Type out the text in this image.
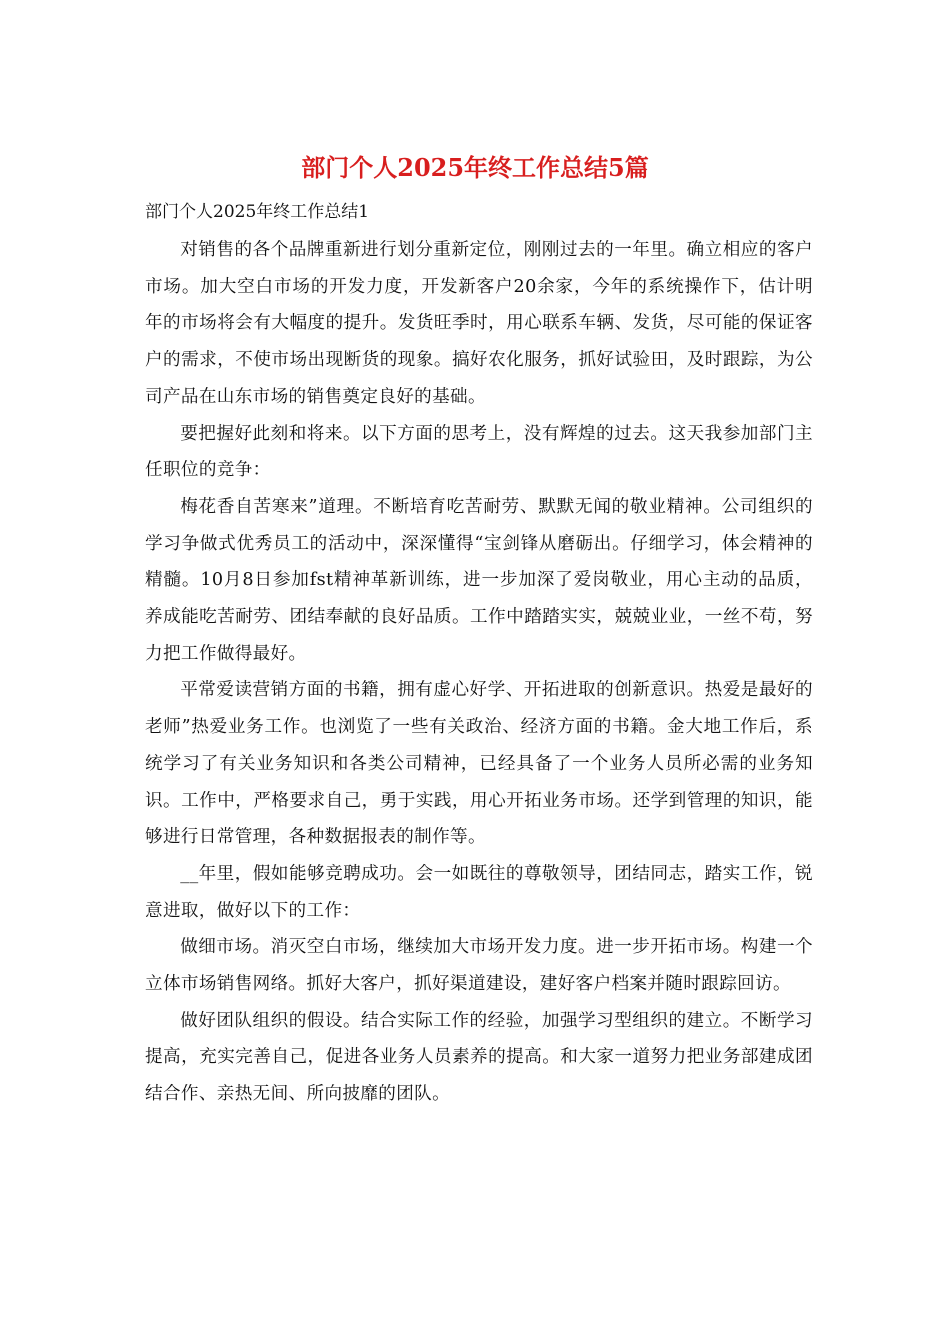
部门个人2025年终工作总结5篇

部门个人2025年终工作总结1

对销售的各个品牌重新进行划分重新定位，刚刚过去的一年里。确立相应的客户市场。加大空白市场的开发力度，开发新客户20余家，今年的系统操作下，估计明年的市场将会有大幅度的提升。发货旺季时，用心联系车辆、发货，尽可能的保证客户的需求，不使市场出现断货的现象。搞好农化服务，抓好试验田，及时跟踪，为公司产品在山东市场的销售奠定良好的基础。

要把握好此刻和将来。以下方面的思考上，没有辉煌的过去。这天我参加部门主任职位的竞争：

梅花香自苦寒来”道理。不断培育吃苦耐劳、默默无闻的敬业精神。公司组织的学习争做式优秀员工的活动中，深深懂得“宝剑锋从磨砺出。仔细学习，体会精神的精髓。10月8日参加fst精神革新训练，进一步加深了爱岗敬业，用心主动的品质，养成能吃苦耐劳、团结奉献的良好品质。工作中踏踏实实，兢兢业业，一丝不苟，努力把工作做得最好。

平常爱读营销方面的书籍，拥有虚心好学、开拓进取的创新意识。热爱是最好的老师”热爱业务工作。也浏览了一些有关政治、经济方面的书籍。金大地工作后，系统学习了有关业务知识和各类公司精神，已经具备了一个业务人员所必需的业务知识。工作中，严格要求自己，勇于实践，用心开拓业务市场。还学到管理的知识，能够进行日常管理，各种数据报表的制作等。

__年里，假如能够竞聘成功。会一如既往的尊敬领导，团结同志，踏实工作，锐意进取，做好以下的工作：

做细市场。消灭空白市场，继续加大市场开发力度。进一步开拓市场。构建一个立体市场销售网络。抓好大客户，抓好渠道建设，建好客户档案并随时跟踪回访。

做好团队组织的假设。结合实际工作的经验，加强学习型组织的建立。不断学习提高，充实完善自己，促进各业务人员素养的提高。和大家一道努力把业务部建成团结合作、亲热无间、所向披靡的团队。
